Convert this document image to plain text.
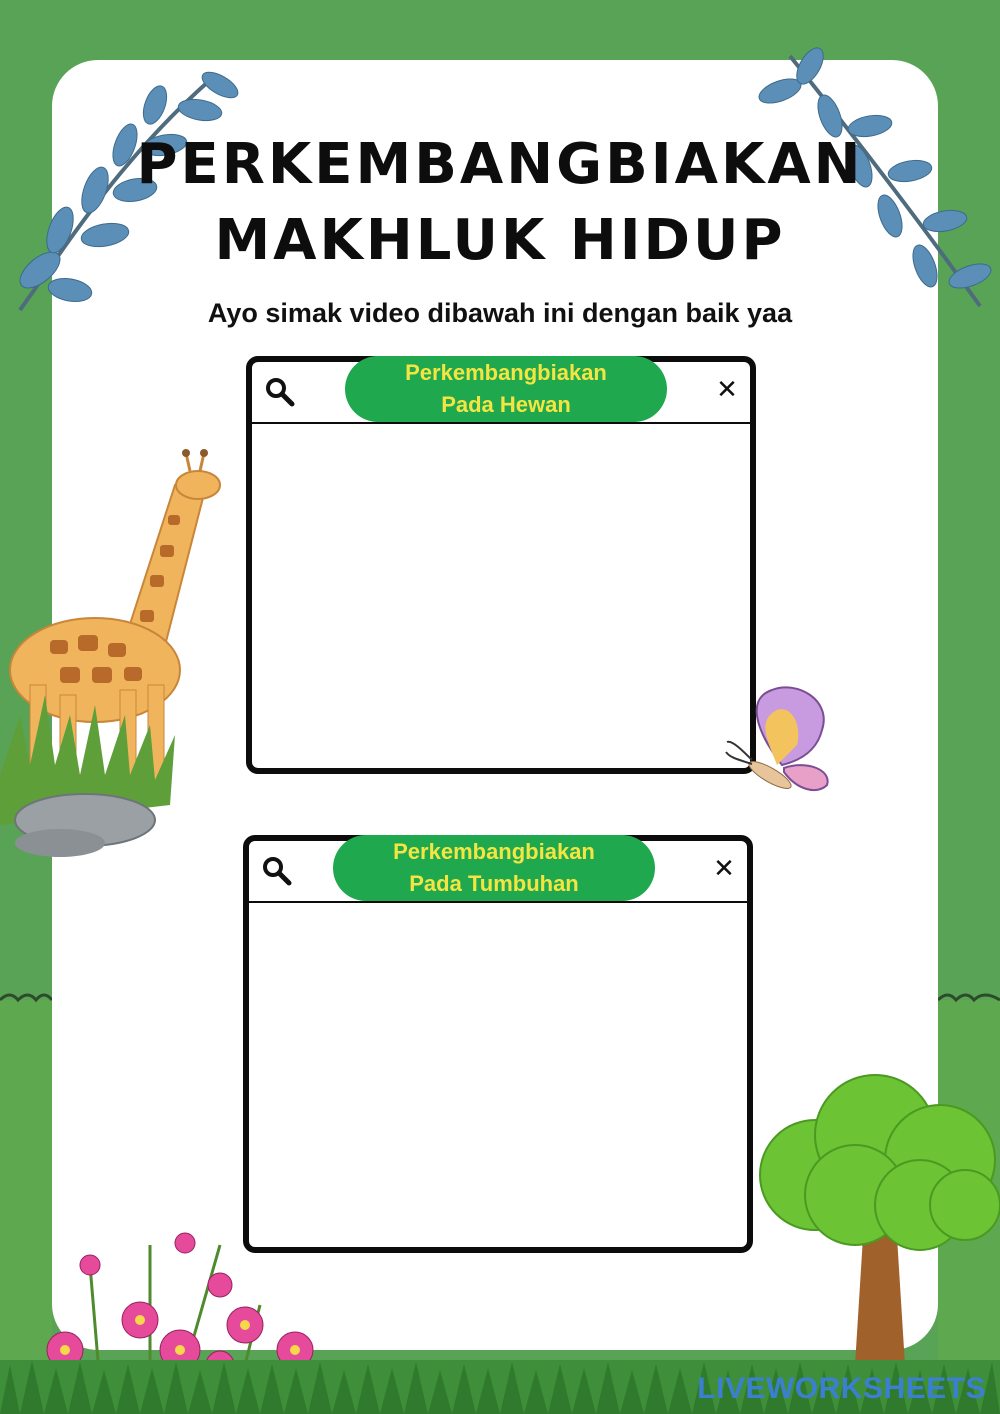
PERKEMBANGBIAKAN
MAKHLUK HIDUP
Ayo simak video dibawah ini dengan baik yaa
Perkembangbiakan
Pada Hewan	✕
Perkembangbiakan
Pada Tumbuhan	✕
LIVEWORKSHEETS
